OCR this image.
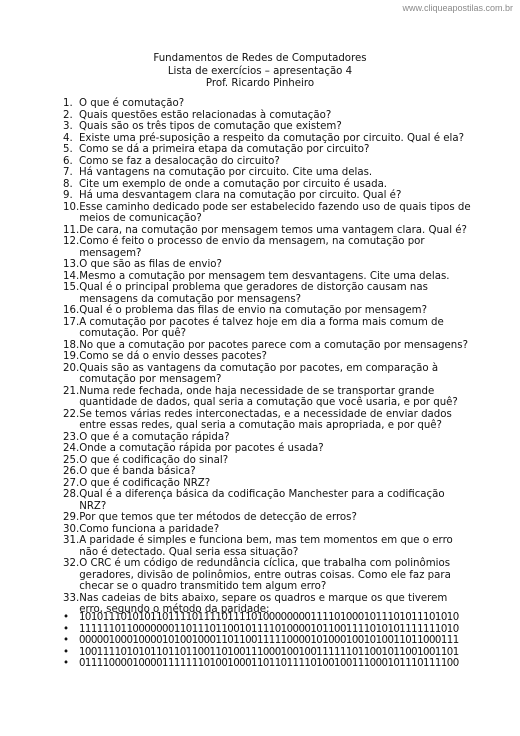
www.cliqueapostilas.com.br
Fundamentos de Redes de Computadores
Lista de exercícios – apresentação 4
Prof. Ricardo Pinheiro
1. O que é comutação?
2. Quais questões estão relacionadas à comutação?
3. Quais são os três tipos de comutação que existem?
4. Existe uma pré-suposição a respeito da comutação por circuito. Qual é ela?
5. Como se dá a primeira etapa da comutação por circuito?
6. Como se faz a desalocação do circuito?
7. Há vantagens na comutação por circuito. Cite uma delas.
8. Cite um exemplo de onde a comutação por circuito é usada.
9. Há uma desvantagem clara na comutação por circuito. Qual é?
10. Esse caminho dedicado pode ser estabelecido fazendo uso de quais tipos de meios de comunicação?
11. De cara, na comutação por mensagem temos uma vantagem clara. Qual é?
12. Como é feito o processo de envio da mensagem, na comutação por mensagem?
13. O que são as filas de envio?
14. Mesmo a comutação por mensagem tem desvantagens. Cite uma delas.
15. Qual é o principal problema que geradores de distorção causam nas mensagens da comutação por mensagens?
16. Qual é o problema das filas de envio na comutação por mensagem?
17. A comutação por pacotes é talvez hoje em dia a forma mais comum de comutação. Por quê?
18. No que a comutação por pacotes parece com a comutação por mensagens?
19. Como se dá o envio desses pacotes?
20. Quais são as vantagens da comutação por pacotes, em comparação à comutação por mensagem?
21. Numa rede fechada, onde haja necessidade de se transportar grande quantidade de dados, qual seria a comutação que você usaria, e por quê?
22. Se temos várias redes interconectadas, e a necessidade de enviar dados entre essas redes, qual seria a comutação mais apropriada, e por quê?
23. O que é a comutação rápida?
24. Onde a comutação rápida por pacotes é usada?
25. O que é codificação do sinal?
26. O que é banda básica?
27. O que é codificação NRZ?
28. Qual é a diferença básica da codificação Manchester para a codificação NRZ?
29. Por que temos que ter métodos de detecção de erros?
30. Como funciona a paridade?
31. A paridade é simples e funciona bem, mas tem momentos em que o erro não é detectado. Qual seria essa situação?
32. O CRC é um código de redundância cíclica, que trabalha com polinômios geradores, divisão de polinômios, entre outras coisas. Como ele faz para checar se o quadro transmitido tem algum erro?
33. Nas cadeias de bits abaixo, separe os quadros e marque os que tiverem erro, segundo o método da paridade:
• 1010111010101101111011110111101000000001111010001011101011101010
• 1111110110000000110111011001011110100001011001111010101111111010
• 0000010001000010100100011011001111100001010001001010011011000111
• 1001111010101101101100110100111000100100111111011001011001001101
• 0111100001000011111110100100011011011110100100111000101110111100
